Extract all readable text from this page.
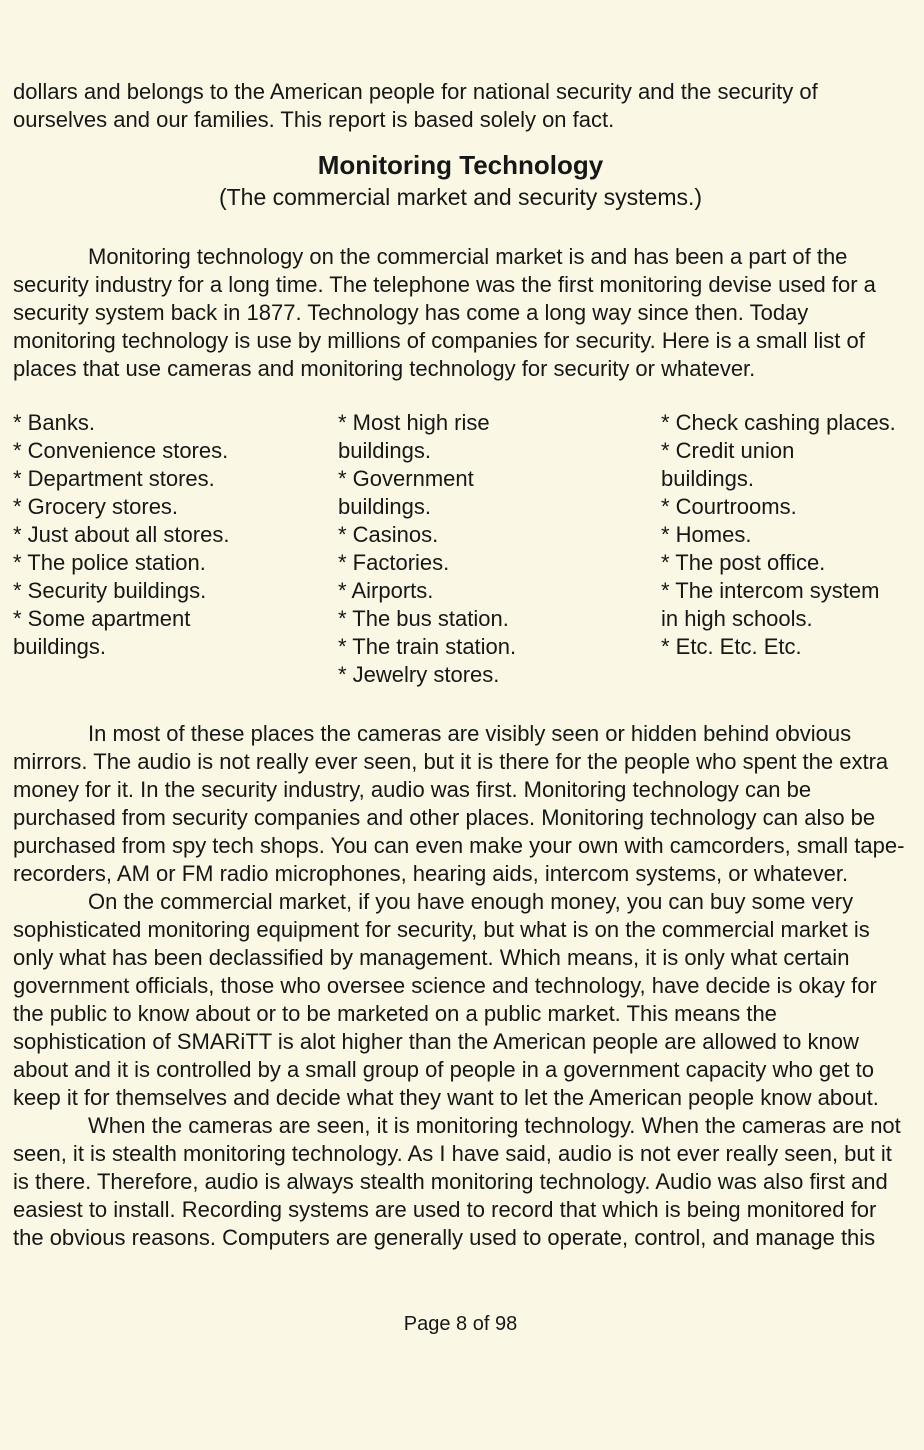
dollars and belongs to the American people for national security and the security of ourselves and our families. This report is based solely on fact.

Monitoring Technology
(The commercial market and security systems.)

Monitoring technology on the commercial market is and has been a part of the security industry for a long time. The telephone was the first monitoring devise used for a security system back in 1877. Technology has come a long way since then. Today monitoring technology is use by millions of companies for security. Here is a small list of places that use cameras and monitoring technology for security or whatever.

* Banks.
* Convenience stores.
* Department stores.
* Grocery stores.
* Just about all stores.
* The police station.
* Security buildings.
* Some apartment
buildings.
* Most high rise
buildings.
* Government
buildings.
* Casinos.
* Factories.
* Airports.
* The bus station.
* The train station.
* Jewelry stores.
* Check cashing places.
* Credit union
buildings.
* Courtrooms.
* Homes.
* The post office.
* The intercom system
in high schools.
* Etc. Etc. Etc.

In most of these places the cameras are visibly seen or hidden behind obvious mirrors. The audio is not really ever seen, but it is there for the people who spent the extra money for it. In the security industry, audio was first. Monitoring technology can be purchased from security companies and other places. Monitoring technology can also be purchased from spy tech shops. You can even make your own with camcorders, small tape-recorders, AM or FM radio microphones, hearing aids, intercom systems, or whatever.

On the commercial market, if you have enough money, you can buy some very sophisticated monitoring equipment for security, but what is on the commercial market is only what has been declassified by management. Which means, it is only what certain government officials, those who oversee science and technology, have decide is okay for the public to know about or to be marketed on a public market. This means the sophistication of SMARiTT is alot higher than the American people are allowed to know about and it is controlled by a small group of people in a government capacity who get to keep it for themselves and decide what they want to let the American people know about.

When the cameras are seen, it is monitoring technology. When the cameras are not seen, it is stealth monitoring technology. As I have said, audio is not ever really seen, but it is there. Therefore, audio is always stealth monitoring technology. Audio was also first and easiest to install. Recording systems are used to record that which is being monitored for the obvious reasons. Computers are generally used to operate, control, and manage this

Page 8 of 98
